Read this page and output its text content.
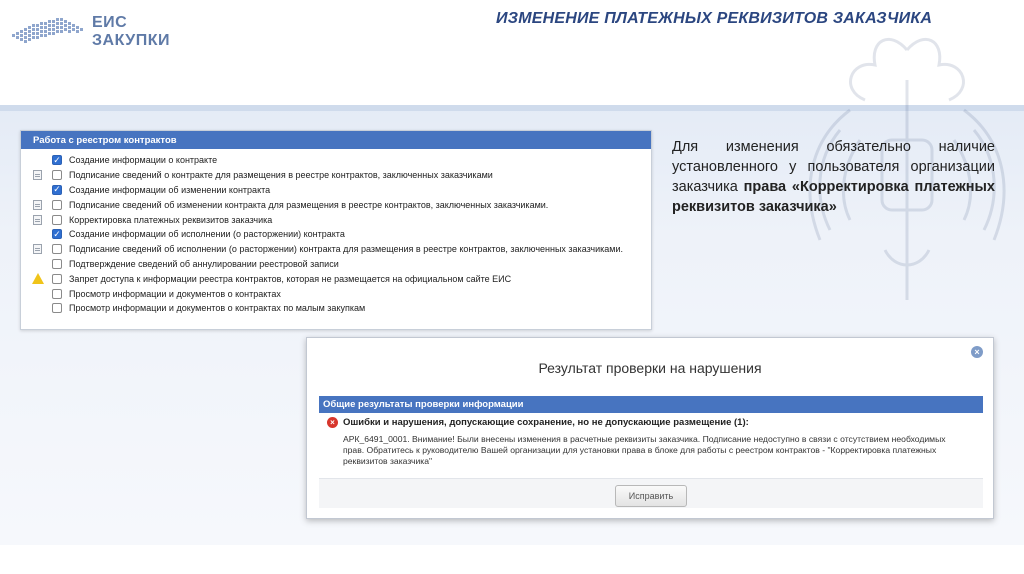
ЕИС
ЗАКУПКИ
ИЗМЕНЕНИЕ ПЛАТЕЖНЫХ РЕКВИЗИТОВ ЗАКАЗЧИКА
Работа с реестром контрактов
✓ Создание информации о контракте
Подписание сведений о контракте для размещения в реестре контрактов, заключенных заказчиками
✓ Создание информации об изменении контракта
Подписание сведений об изменении контракта для размещения в реестре контрактов, заключенных заказчиками.
Корректировка платежных реквизитов заказчика
✓ Создание информации об исполнении (о расторжении) контракта
Подписание сведений об исполнении (о расторжении) контракта для размещения в реестре контрактов, заключенных заказчиками.
Подтверждение сведений об аннулировании реестровой записи
Запрет доступа к информации реестра контрактов, которая не размещается на официальном сайте ЕИС
Просмотр информации и документов о контрактах
Просмотр информации и документов о контрактах по малым закупкам
Для изменения обязательно наличие установленного у пользователя организации заказчика права «Корректировка платежных реквизитов заказчика»
×
Результат проверки на нарушения
Общие результаты проверки информации
× Ошибки и нарушения, допускающие сохранение, но не допускающие размещение (1):
АРК_6491_0001. Внимание! Были внесены изменения в расчетные реквизиты заказчика. Подписание недоступно в связи с отсутствием необходимых прав. Обратитесь к руководителю Вашей организации для установки права в блоке для работы с реестром контрактов - "Корректировка платежных реквизитов заказчика"
Исправить
